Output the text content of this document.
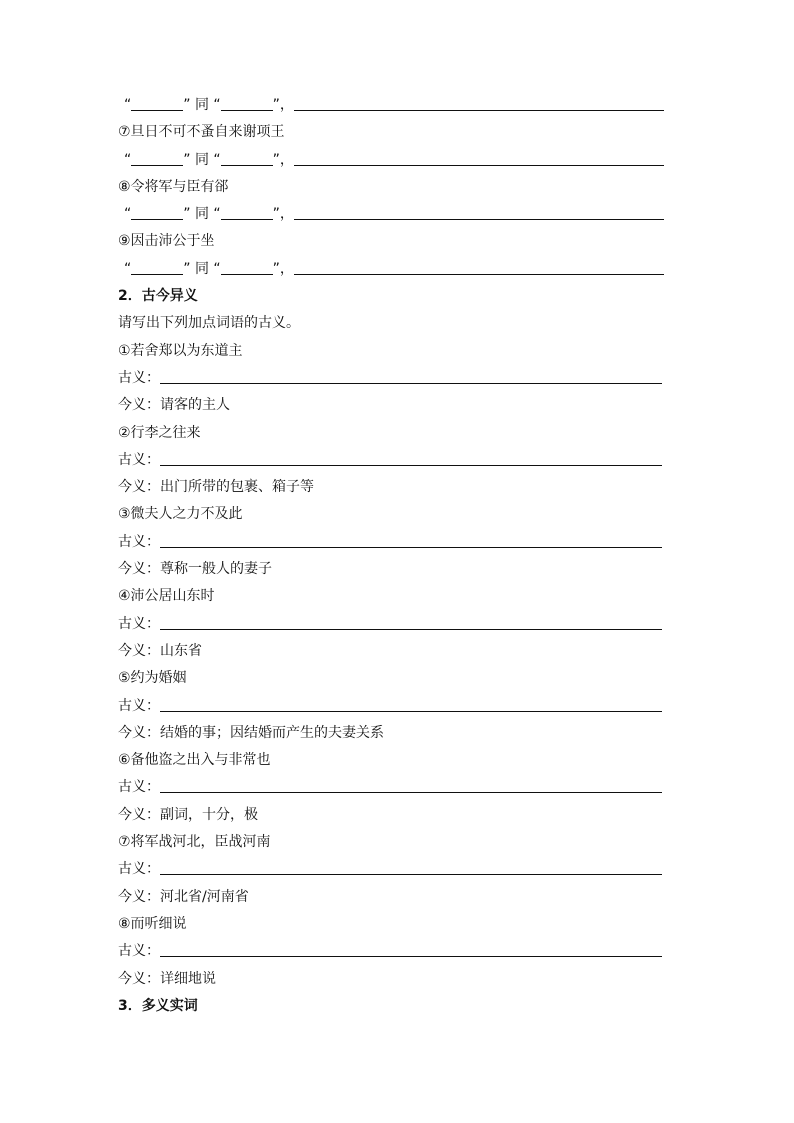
“	” 同 “	”，
⑦旦日不可不蚤自来谢项王
“	” 同 “	”，
⑧令将军与臣有郤
“	” 同 “	”，
⑨因击沛公于坐
“	” 同 “	”，
2．古今异义
请写出下列加点词语的古义。
①若舍郑以为东道主
古义：
今义：请客的主人
②行李之往来
古义：
今义：出门所带的包裹、箱子等
③微夫人之力不及此
古义：
今义：尊称一般人的妻子
④沛公居山东时
古义：
今义：山东省
⑤约为婚姻
古义：
今义：结婚的事；因结婚而产生的夫妻关系
⑥备他盗之出入与非常也
古义：
今义：副词，十分，极
⑦将军战河北，臣战河南
古义：
今义：河北省/河南省
⑧而听细说
古义：
今义：详细地说
3．多义实词
